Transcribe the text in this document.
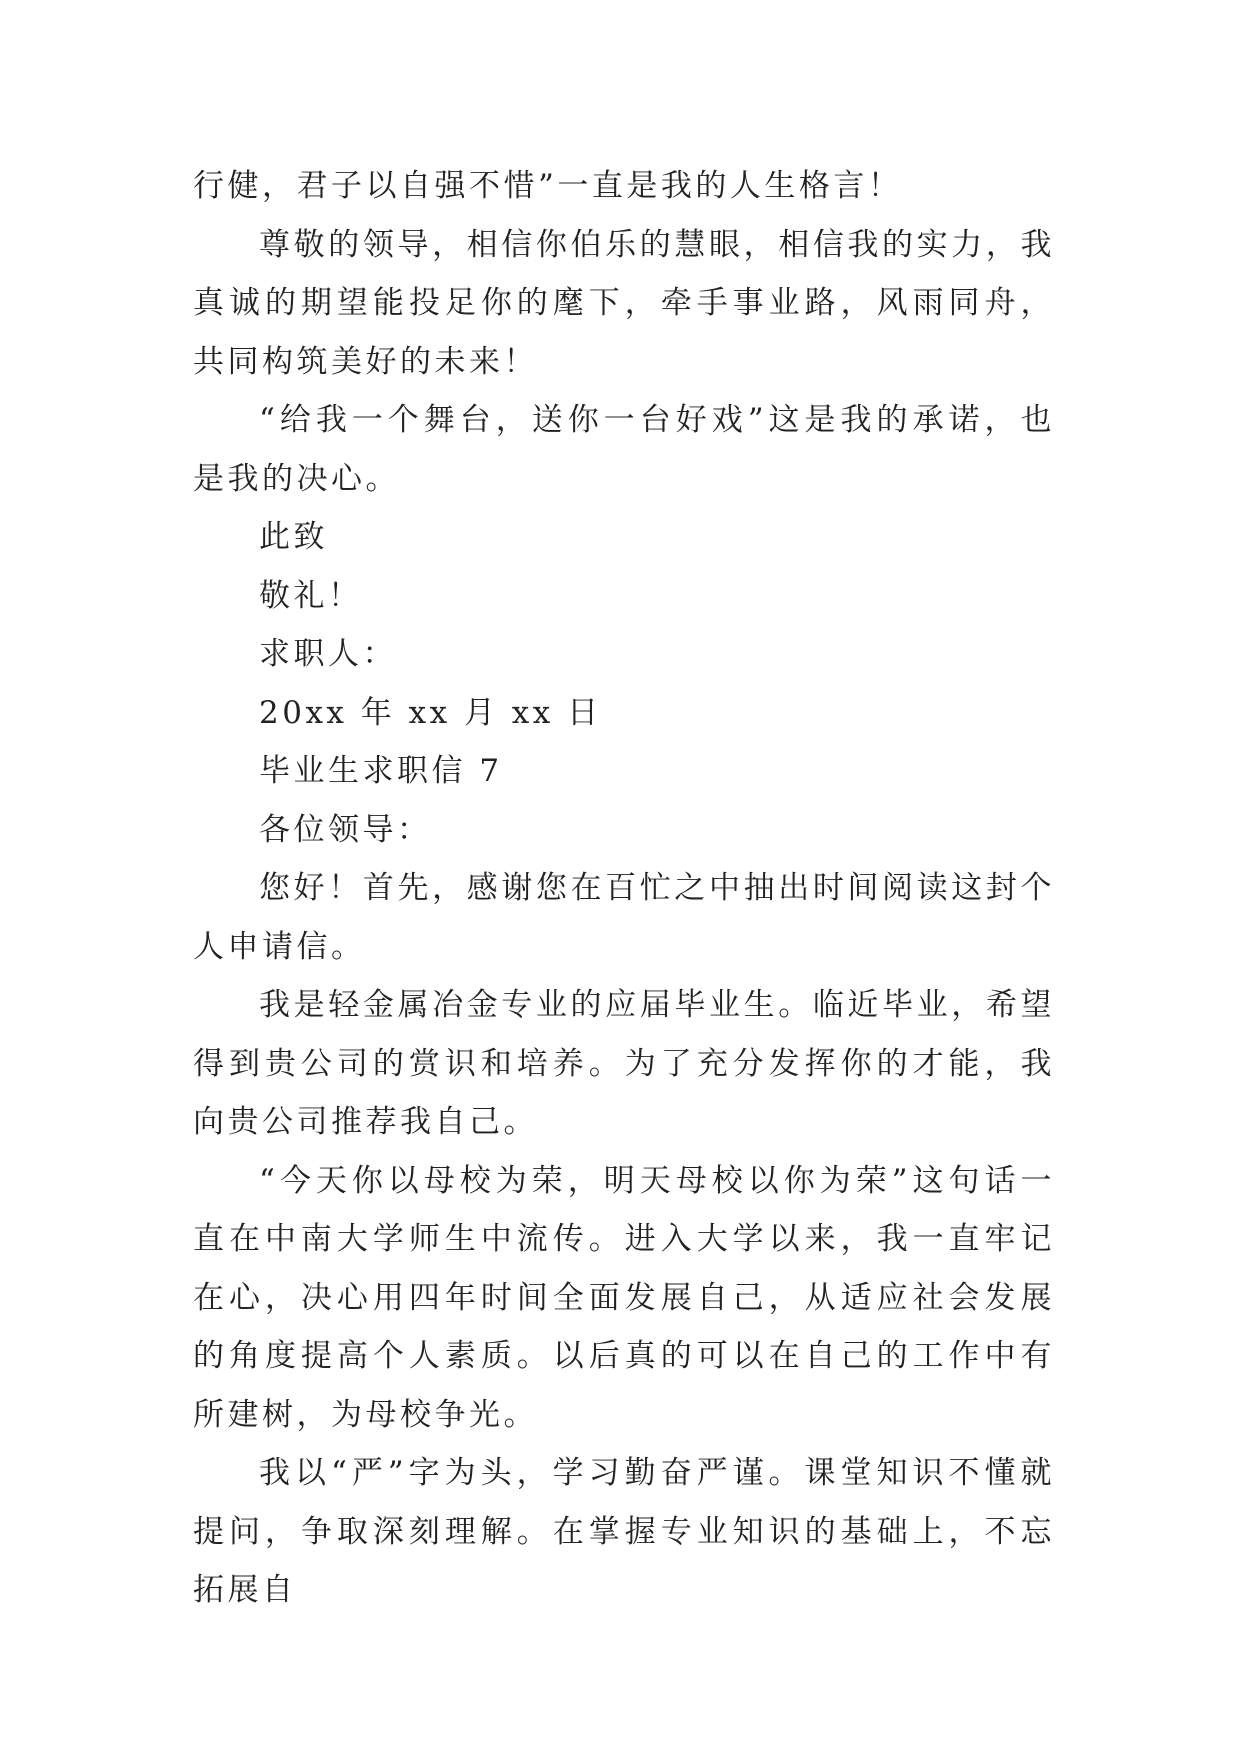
行健，君子以自强不惜”一直是我的人生格言！

尊敬的领导，相信你伯乐的慧眼，相信我的实力，我真诚的期望能投足你的麾下，牵手事业路，风雨同舟，共同构筑美好的未来！

“给我一个舞台，送你一台好戏”这是我的承诺，也是我的决心。

此致

敬礼！

求职人：

20xx 年 xx 月 xx 日

毕业生求职信 7

各位领导：

您好！首先，感谢您在百忙之中抽出时间阅读这封个人申请信。

我是轻金属冶金专业的应届毕业生。临近毕业，希望得到贵公司的赏识和培养。为了充分发挥你的才能，我向贵公司推荐我自己。

“今天你以母校为荣，明天母校以你为荣”这句话一直在中南大学师生中流传。进入大学以来，我一直牢记在心，决心用四年时间全面发展自己，从适应社会发展的角度提高个人素质。以后真的可以在自己的工作中有所建树，为母校争光。

我以“严”字为头，学习勤奋严谨。课堂知识不懂就提问，争取深刻理解。在掌握专业知识的基础上，不忘拓展自
